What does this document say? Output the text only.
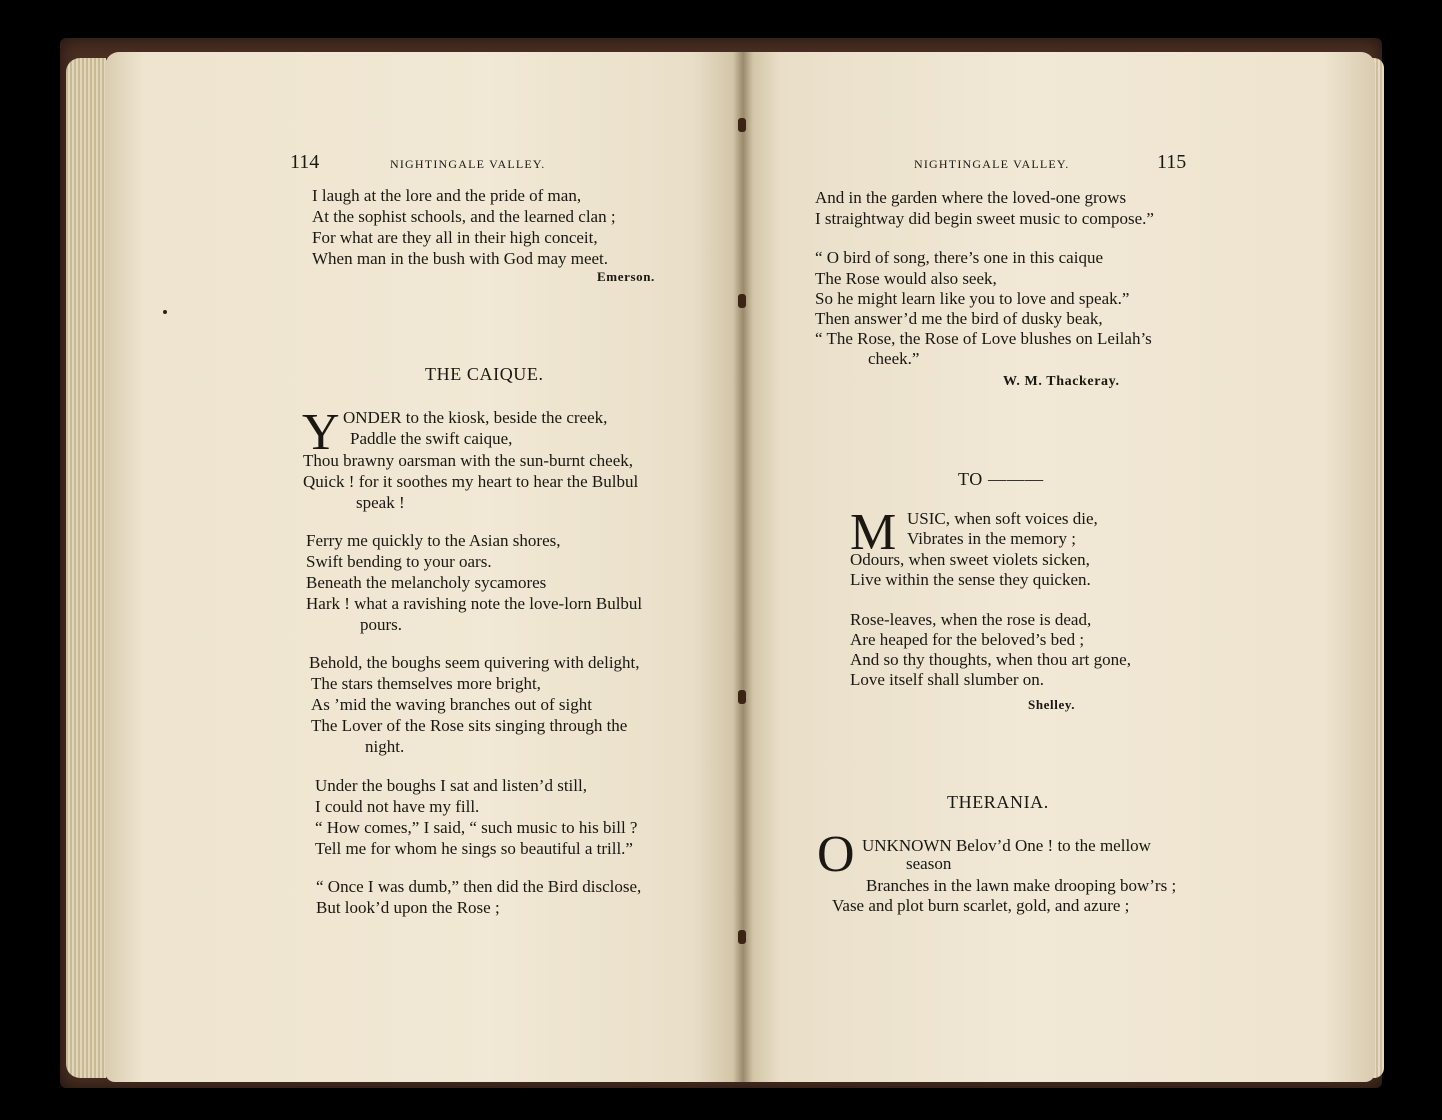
114	NIGHTINGALE VALLEY.
I laugh at the lore and the pride of man,
At the sophist schools, and the learned clan ;
For what are they all in their high conceit,
When man in the bush with God may meet.
Emerson.
THE CAIQUE.
Y ONDER to the kiosk, beside the creek,
Paddle the swift caique,
Thou brawny oarsman with the sun-burnt cheek,
Quick ! for it soothes my heart to hear the Bulbul
speak !
Ferry me quickly to the Asian shores,
Swift bending to your oars.
Beneath the melancholy sycamores
Hark ! what a ravishing note the love-lorn Bulbul
pours.
Behold, the boughs seem quivering with delight,
The stars themselves more bright,
As ’mid the waving branches out of sight
The Lover of the Rose sits singing through the
night.
Under the boughs I sat and listen’d still,
I could not have my fill.
“ How comes,” I said, “ such music to his bill ?
Tell me for whom he sings so beautiful a trill.”
“ Once I was dumb,” then did the Bird disclose,
But look’d upon the Rose ;
NIGHTINGALE VALLEY.	115
And in the garden where the loved-one grows
I straightway did begin sweet music to compose.”
“ O bird of song, there’s one in this caique
The Rose would also seek,
So he might learn like you to love and speak.”
Then answer’d me the bird of dusky beak,
“ The Rose, the Rose of Love blushes on Leilah’s
cheek.”
W. M. Thackeray.
TO ———
M USIC, when soft voices die,
Vibrates in the memory ;
Odours, when sweet violets sicken,
Live within the sense they quicken.
Rose-leaves, when the rose is dead,
Are heaped for the beloved’s bed ;
And so thy thoughts, when thou art gone,
Love itself shall slumber on.
Shelley.
THERANIA.
O UNKNOWN Belov’d One ! to the mellow
season
Branches in the lawn make drooping bow’rs ;
Vase and plot burn scarlet, gold, and azure ;
